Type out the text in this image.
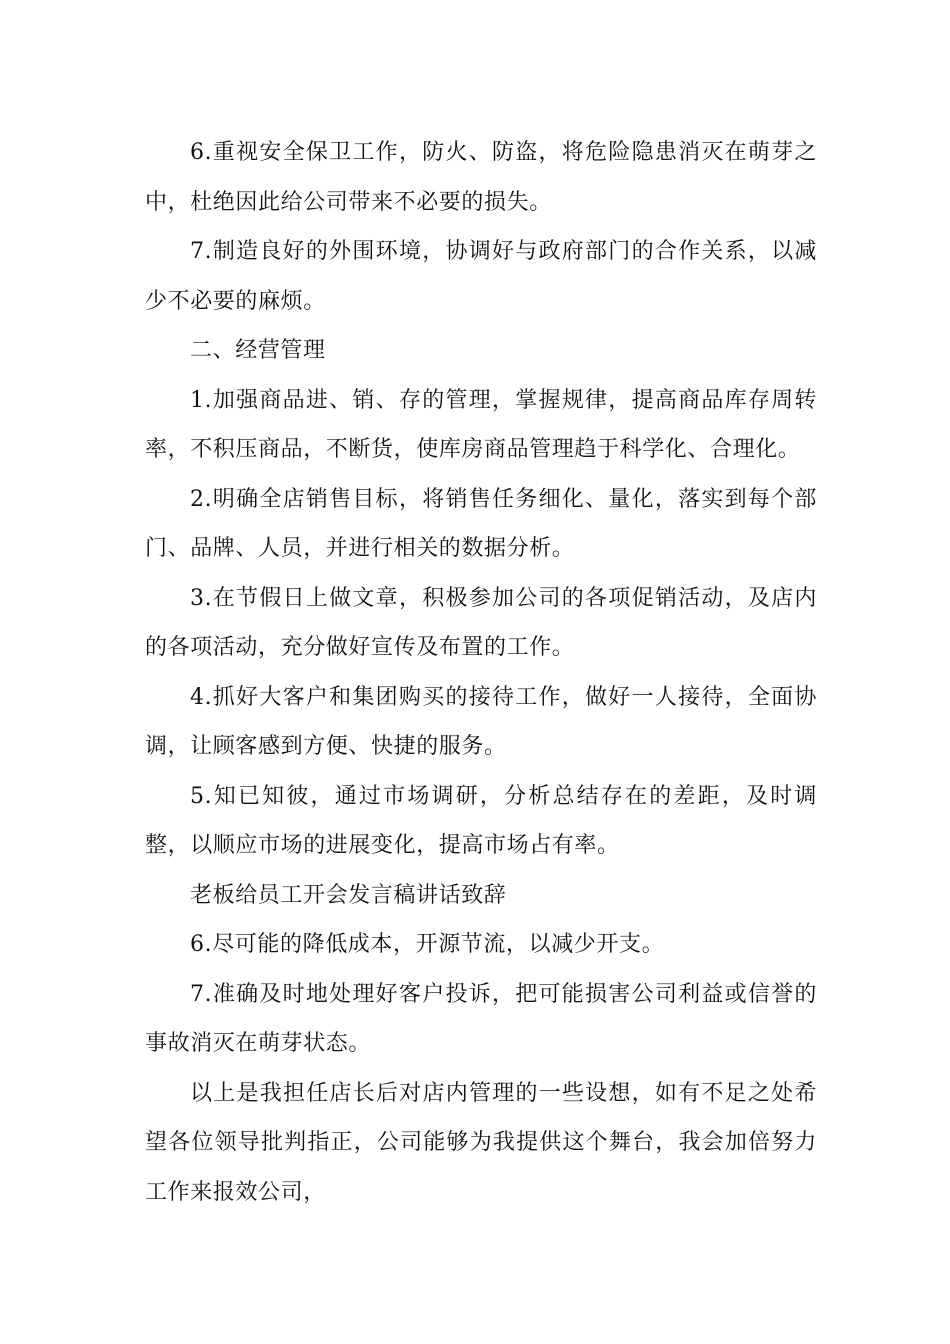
6.重视安全保卫工作，防火、防盗，将危险隐患消灭在萌芽之中，杜绝因此给公司带来不必要的损失。

7.制造良好的外围环境，协调好与政府部门的合作关系，以减少不必要的麻烦。

二、经营管理

1.加强商品进、销、存的管理，掌握规律，提高商品库存周转率，不积压商品，不断货，使库房商品管理趋于科学化、合理化。

2.明确全店销售目标，将销售任务细化、量化，落实到每个部门、品牌、人员，并进行相关的数据分析。

3.在节假日上做文章，积极参加公司的各项促销活动，及店内的各项活动，充分做好宣传及布置的工作。

4.抓好大客户和集团购买的接待工作，做好一人接待，全面协调，让顾客感到方便、快捷的服务。

5.知已知彼，通过市场调研，分析总结存在的差距，及时调整，以顺应市场的进展变化，提高市场占有率。

老板给员工开会发言稿讲话致辞

6.尽可能的降低成本，开源节流，以减少开支。

7.准确及时地处理好客户投诉，把可能损害公司利益或信誉的事故消灭在萌芽状态。

以上是我担任店长后对店内管理的一些设想，如有不足之处希望各位领导批判指正，公司能够为我提供这个舞台，我会加倍努力工作来报效公司，
